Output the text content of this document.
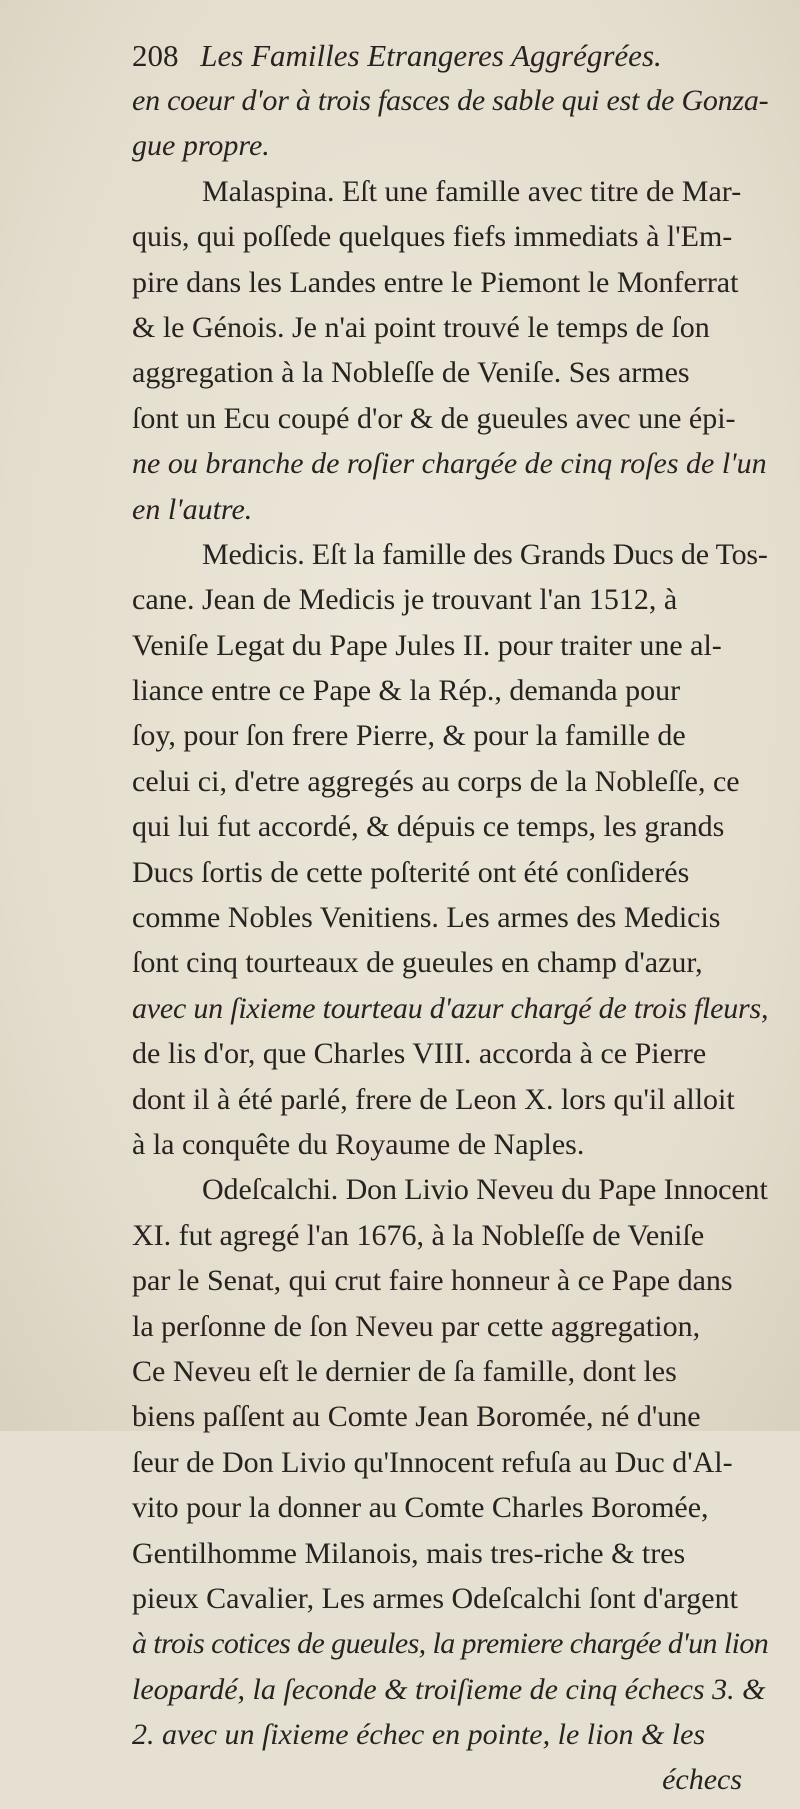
208 Les Familles Etrangeres Aggrégrées.
en coeur d'or à trois fasces de sable qui est de Gonza-
gue propre.
Malaspina. Eſt une famille avec titre de Mar-
quis, qui poſſede quelques fiefs immediats à l'Em-
pire dans les Landes entre le Piemont le Monferrat
& le Génois. Je n'ai point trouvé le temps de ſon
aggregation à la Nobleſſe de Veniſe. Ses armes
ſont un Ecu coupé d'or & de gueules avec une épi-
ne ou branche de roſier chargée de cinq roſes de l'un
en l'autre.
Medicis. Eſt la famille des Grands Ducs de Tos-
cane. Jean de Medicis je trouvant l'an 1512, à
Veniſe Legat du Pape Jules II. pour traiter une al-
liance entre ce Pape & la Rép., demanda pour
ſoy, pour ſon frere Pierre, & pour la famille de
celui ci, d'etre aggregés au corps de la Nobleſſe, ce
qui lui fut accordé, & dépuis ce temps, les grands
Ducs ſortis de cette poſterité ont été conſiderés
comme Nobles Venitiens. Les armes des Medicis
ſont cinq tourteaux de gueules en champ d'azur,
avec un ſixieme tourteau d'azur chargé de trois fleurs,
de lis d'or, que Charles VIII. accorda à ce Pierre
dont il à été parlé, frere de Leon X. lors qu'il alloit
à la conquête du Royaume de Naples.
Odeſcalchi. Don Livio Neveu du Pape Innocent
XI. fut agregé l'an 1676, à la Nobleſſe de Veniſe
par le Senat, qui crut faire honneur à ce Pape dans
la perſonne de ſon Neveu par cette aggregation,
Ce Neveu eſt le dernier de ſa famille, dont les
biens paſſent au Comte Jean Boromée, né d'une
ſeur de Don Livio qu'Innocent refuſa au Duc d'Al-
vito pour la donner au Comte Charles Boromée,
Gentilhomme Milanois, mais tres-riche & tres
pieux Cavalier, Les armes Odeſcalchi ſont d'argent
à trois cotices de gueules, la premiere chargée d'un lion
leopardé, la ſeconde & troiſieme de cinq échecs 3. &
2. avec un ſixieme échec en pointe, le lion & les
échecs
